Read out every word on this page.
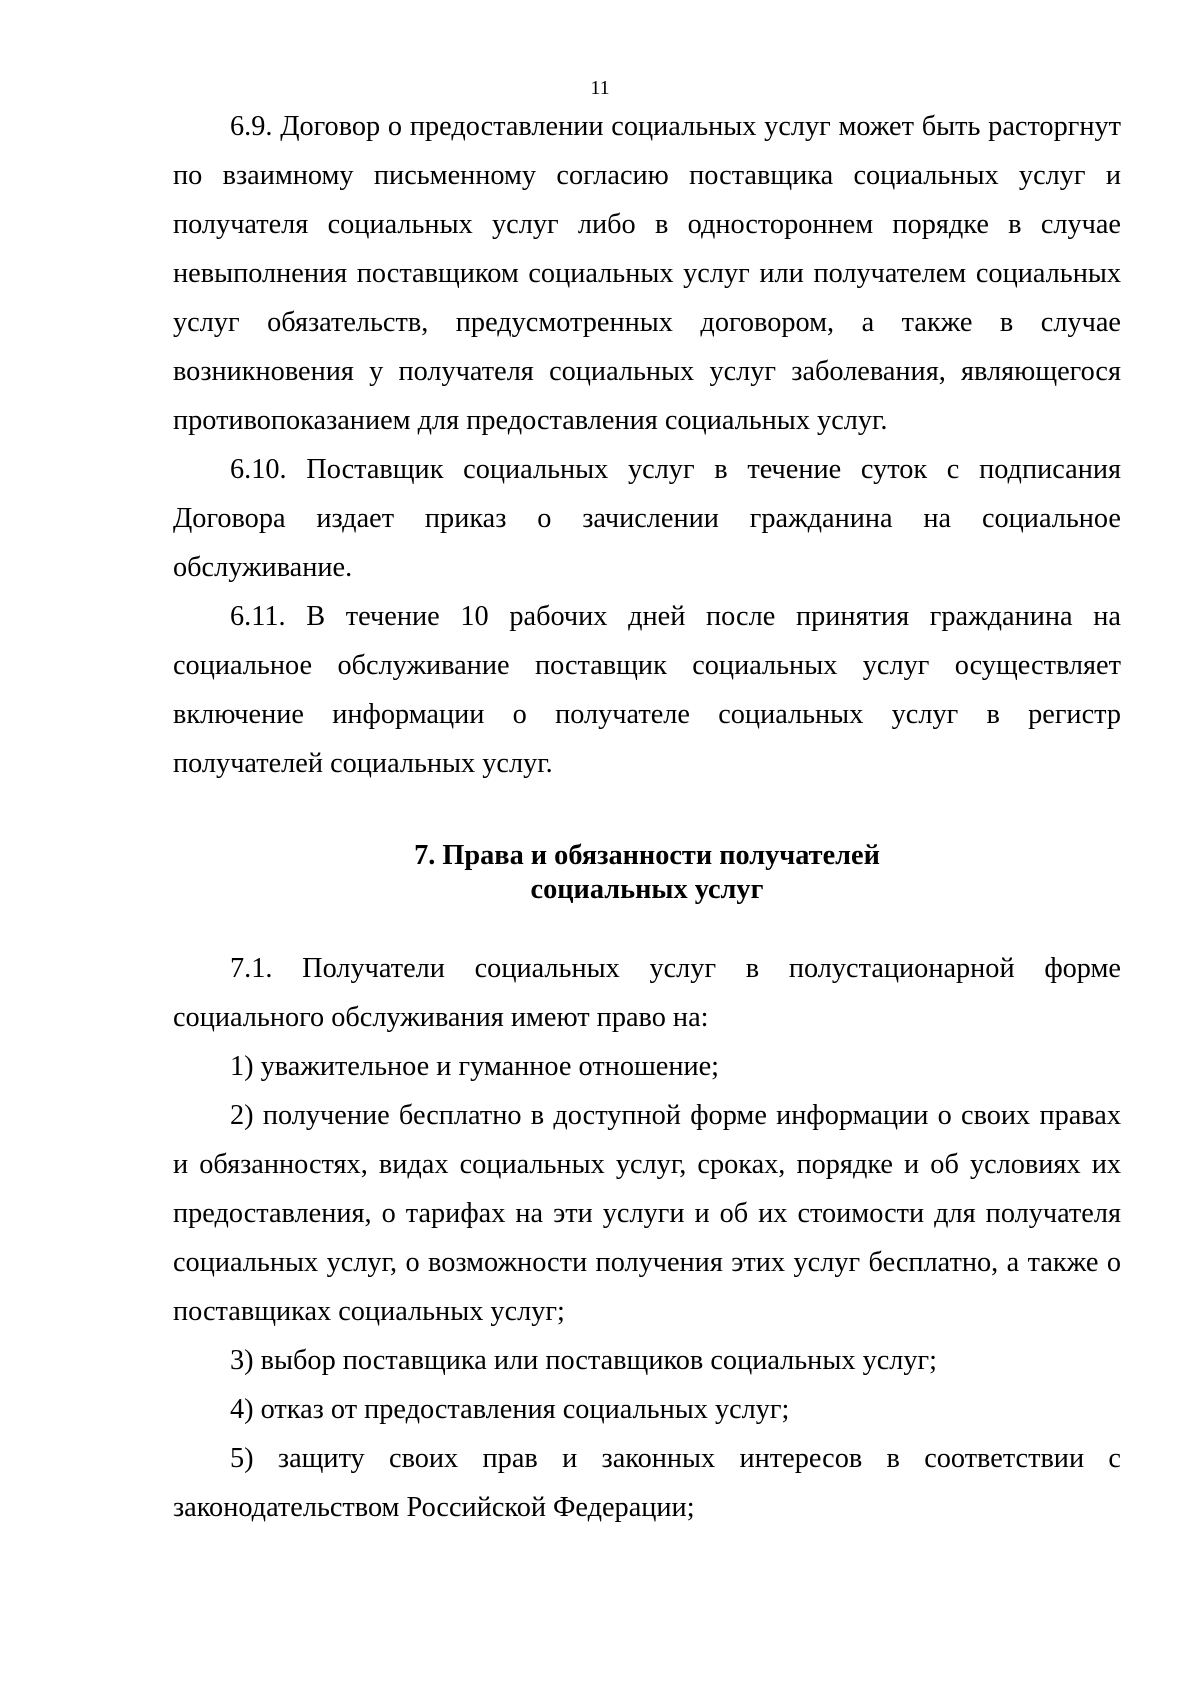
11

6.9. Договор о предоставлении социальных услуг может быть расторгнут по взаимному письменному согласию поставщика социальных услуг и получателя социальных услуг либо в одностороннем порядке в случае невыполнения поставщиком социальных услуг или получателем социальных услуг обязательств, предусмотренных договором, а также в случае возникновения у получателя социальных услуг заболевания, являющегося противопоказанием для предоставления социальных услуг.

6.10. Поставщик социальных услуг в течение суток с подписания Договора издает приказ о зачислении гражданина на социальное обслуживание.

6.11. В течение 10 рабочих дней после принятия гражданина на социальное обслуживание поставщик социальных услуг осуществляет включение информации о получателе социальных услуг в регистр получателей социальных услуг.

7. Права и обязанности получателей
социальных услуг

7.1. Получатели социальных услуг в полустационарной форме социального обслуживания имеют право на:

1) уважительное и гуманное отношение;

2) получение бесплатно в доступной форме информации о своих правах и обязанностях, видах социальных услуг, сроках, порядке и об условиях их предоставления, о тарифах на эти услуги и об их стоимости для получателя социальных услуг, о возможности получения этих услуг бесплатно, а также о поставщиках социальных услуг;

3) выбор поставщика или поставщиков социальных услуг;

4) отказ от предоставления социальных услуг;

5) защиту своих прав и законных интересов в соответствии с законодательством Российской Федерации;
